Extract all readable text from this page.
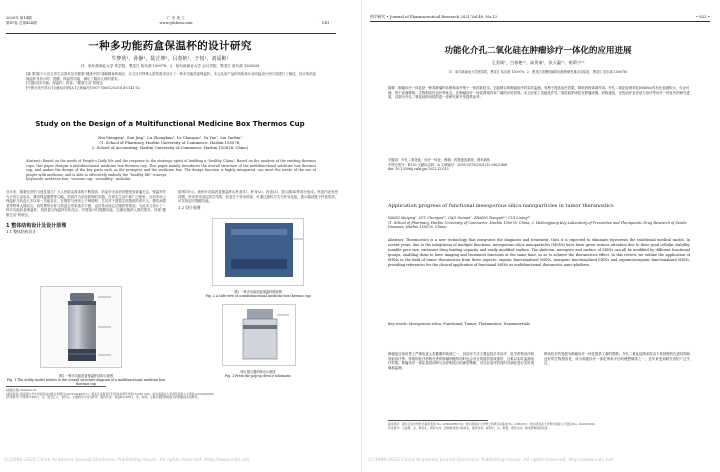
2020年 第14期
第47卷 总第424期
广 东 化 工
www.gdchem.com	· 141 ·
一种多功能药盒保温杯的设计研究
牛梦欣¹，孙静¹，陆正坤²，吕春艳¹，于悦¹，刘谣彬¹
(1．哈尔滨商业大学 药学院，黑龙江 哈尔滨 150076；2．哈尔滨商业大学 会计学院，黑龙江 哈尔滨 150028)
[摘 要]基于人们日常生活需求及对健康"健康中国"战略精神的响应，本文针对特殊人群的需求设计了一种多功能药盒保温杯。本文从该产品的结构设计和功能设计两方面进行了阐述，设计的药盒保温杯具有计时、提醒、保温等功能，满足了服药人群的需求。
[关键词]多功能；保温杯；药盒；"健康生活"的理念
[中图分类号]TQ [文献标识码]A [文章编号]1007-1865(2020)14-0141-02
Study on the Design of a Multifunctional Medicine Box Thermos Cup
Niu Mengxin¹, Sun Jing¹, Lu Zhengkun², Lv Chunyan¹, Yu Yue¹, Liu Yaobin¹
(1. School of Pharmacy, Harbin University of Commerce, Harbin 150076;
2. School of Accounting, Harbin University of Commerce, Harbin 150028, China)
Abstract: Based on the needs of People's Daily life and the response to the strategic spirit of building a "healthy China". Based on the analysis of the existing thermos cups, this paper designs a multifunctional medicine box thermos cup. This paper mainly introduces the overall structure of the multifunctional medicine box thermos cup, and makes the design of the key parts such as the prompter and the medicine box. The design function is highly integrated, can meet the needs of the use of people with medicine, and is able to effectively embody the "healthy life" concept.
Keywords: medicine box；vacuum cup；versatility；modular
近年来，随着经济的飞速发展与广大人民群众需求的不断提高，药品安全用药问题受到普遍关注。保温杯作为日常生活用品，兼具保温便携等功能。药盒作为存放药物的容器，在现实生活中被广泛使用。目前市场上保温杯与药盒大多以单一功能存在，在携带与使用上不够便利，尤其对于需要定时服药的老年人、慢性病患者等特殊人群而言，同时携带水杯与药盒会带来诸多不便，也容易出现忘记服药等情况。为此本文设计了一种多功能药盒保温杯，将药盒与保温杯有机结合，并增加计时提醒功能，以满足服药人群的需求，体现"健康生活"的理念。
1 整体结构设计及设计原理
1.1 整体结构设计
图1 一种多功能药盒保温杯结构示意图
Fig. 1 The utility model relates to the overall structure diagram of a multifunctional medicine box thermos cup
如图1所示，该种多功能药盒保温杯由杯盖(1)、杯身(2)、药盒(3)、提示器(4)等部分组成。杯盖内设有密封圈，杯身采用双层真空结构，药盒位于杯身底部，可通过旋转方式与杯身连接，提示器设置于杯盖顶部，可实现定时提醒功能。
1.2 设计原理
图2 一种多功能药盒保温杯侧视图
Fig. 2 A side view of a multifunctional medicine box thermos cup
图3 提示器的弹出示意图
Fig. 3 Press the pop-up device schematic
[收稿日期] 2020-05-25
[基金项目] 国家级大学生创新创业训练计划项目(201910240015)；黑龙江省教育厅科学技术研究项目(12541136)；哈尔滨商业大学青年创新人才项目(2016QN060)
[作者简介] 牛梦欣(1999-)，女，黑龙江人，本科生，主要研究方向为药学。通讯作者：刘谣彬(1984-)，男，讲师，主要从事药物制剂及药物输送系统研究。
(C)1994-2020 China Academic Journal Electronic Publishing House. All rights reserved. http://www.cnki.net
药学研究 • Journal of Pharmaceutical Research 2021 Vol.40, No.12	• 823 •
功能化介孔二氧化硅在肿瘤诊疗一体化的应用进展
王美瑛¹，吕春艳¹²，高贵南¹，张天蕴¹²，崔莉宁¹²
(1．哈尔滨商业大学药学院，黑龙江 哈尔滨 150076；2．黑龙江省慢性病防治药物研发重点实验室，黑龙江 哈尔滨 150076)
摘要：肿瘤诊疗一体化是一种将肿瘤的诊断和治疗集于一体的新技术。它能够实现肿瘤治疗的实时监测，有利于提高治疗效果，降低药物毒副作用。介孔二氧化硅纳米粒(MSNs)具有比表面积大、孔径可调、易于表面修饰、生物相容性良好等优点，在肿瘤诊疗一体化领域具有广阔的应用前景。本文综述了功能化介孔二氧化硅纳米粒在肿瘤成像、药物递送、光热治疗及光动力治疗等诊疗一体化中的研究进展，以期为介孔二氧化硅纳米粒的进一步研究和开发提供参考。
关键词：介孔二氧化硅；诊疗一体化；肿瘤；药物递送系统；纳米载体
中图分类号：R730 文献标志码：A 文章编号：2095-5375(2021)12-0823-806
doi: 10.13506/j.cnki.jpr.2021.12.013
Application progress of functional mesoporous silica nanoparticles in tumor theranostics
WANG Meiying¹, LYU Chunyan¹², GAO Guinan¹, ZHANG Tianyun¹², CUI Lining¹²
(1. School of Pharmacy, Harbin University of Commerce, Harbin 150076, China; 2. Heilongjiang Key Laboratory of Preventive and Therapeutic Drug Research of Senile Diseases, Harbin 150076, China)
Abstract: Theranostics is a new technology that integrates the diagnosis and treatment, thus it is expected to eliminate hysteresis the traditional medical model. In recent years, due to the integration of multiple functions, mesoporous silica nanoparticles (MSNs) have been given serious attention due to their good cellular stability, tunable pore size, extensive drug loading capacity and easily modified surface. The skeleton, mesopore and surface of MSNs can all be modified by different functional groups, enabling them to have imaging and treatment functions at the same time, so as to achieve the theranostics effect. In this review, we outline the application of MSNs in the field of tumor theranostics from three aspects: organic functionalized MSNs, inorganic functionalized MSNs and organic/inorganic functionalized MSNs, providing references for the clinical application of functional MSNs as multifunctional theranostic nano-platform.
Key words: Mesoporous silica; Functional; Tumor; Theranostics; Nanomaterials
肿瘤是目前世界上严重危害人类健康的疾病之一，其治疗方式主要包括手术治疗、化学药物治疗和放射治疗等。传统的化疗药物在杀伤肿瘤细胞的同时也会对正常组织造成损伤，且难以实时监测治疗效果。肿瘤诊疗一体化是将诊断与治疗相结合的新型策略，可以在治疗的同时对病灶进行实时成像和监测。
纳米技术的发展为肿瘤诊疗一体化提供了新的思路。介孔二氧化硅纳米粒由于其独特的孔道结构和良好的生物相容性，成为构建诊疗一体化纳米平台的理想载体之一，近年来受到研究者的广泛关注。
基金项目：黑龙江省自然科学基金项目(No. LH2020H016)；哈尔滨商业大学博士科研启动基金(No. 22BQ33)；哈尔滨商业大学青年创新人才项目(No. 2020CX29)
作者简介：王美瑛，女，研究生，研究方向：药物新剂型与新技术。通讯作者：崔莉宁，女，教授，研究方向：纳米药物递送系统
(C)1994-2022 China Academic Journal Electronic Publishing House. All rights reserved. http://www.cnki.net
